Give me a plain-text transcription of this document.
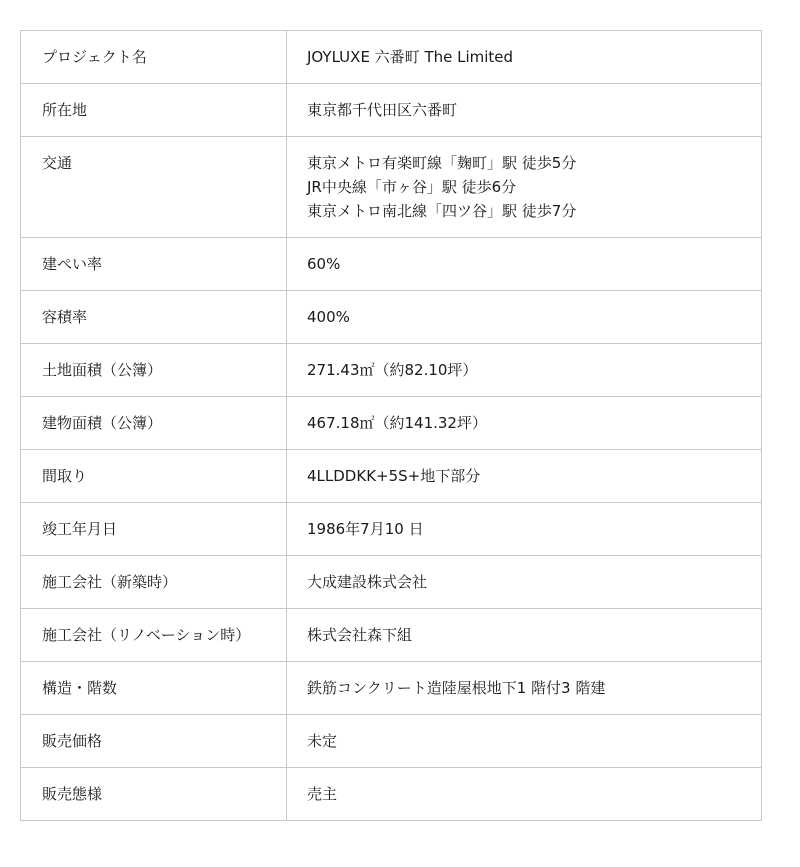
プロジェクト名	JOYLUXE 六番町 The Limited

所在地	東京都千代田区六番町

交通	東京メトロ有楽町線「麹町」駅 徒歩5分
JR中央線「市ヶ谷」駅 徒歩6分
東京メトロ南北線「四ツ谷」駅 徒歩7分

建ぺい率	60%

容積率	400%

土地面積（公簿）	271.43㎡（約82.10坪）

建物面積（公簿）	467.18㎡（約141.32坪）

間取り	4LLDDKK+5S+地下部分

竣工年月日	1986年7月10 日

施工会社（新築時）	大成建設株式会社

施工会社（リノベーション時）	株式会社森下組

構造・階数	鉄筋コンクリート造陸屋根地下1 階付3 階建

販売価格	未定

販売態様	売主
